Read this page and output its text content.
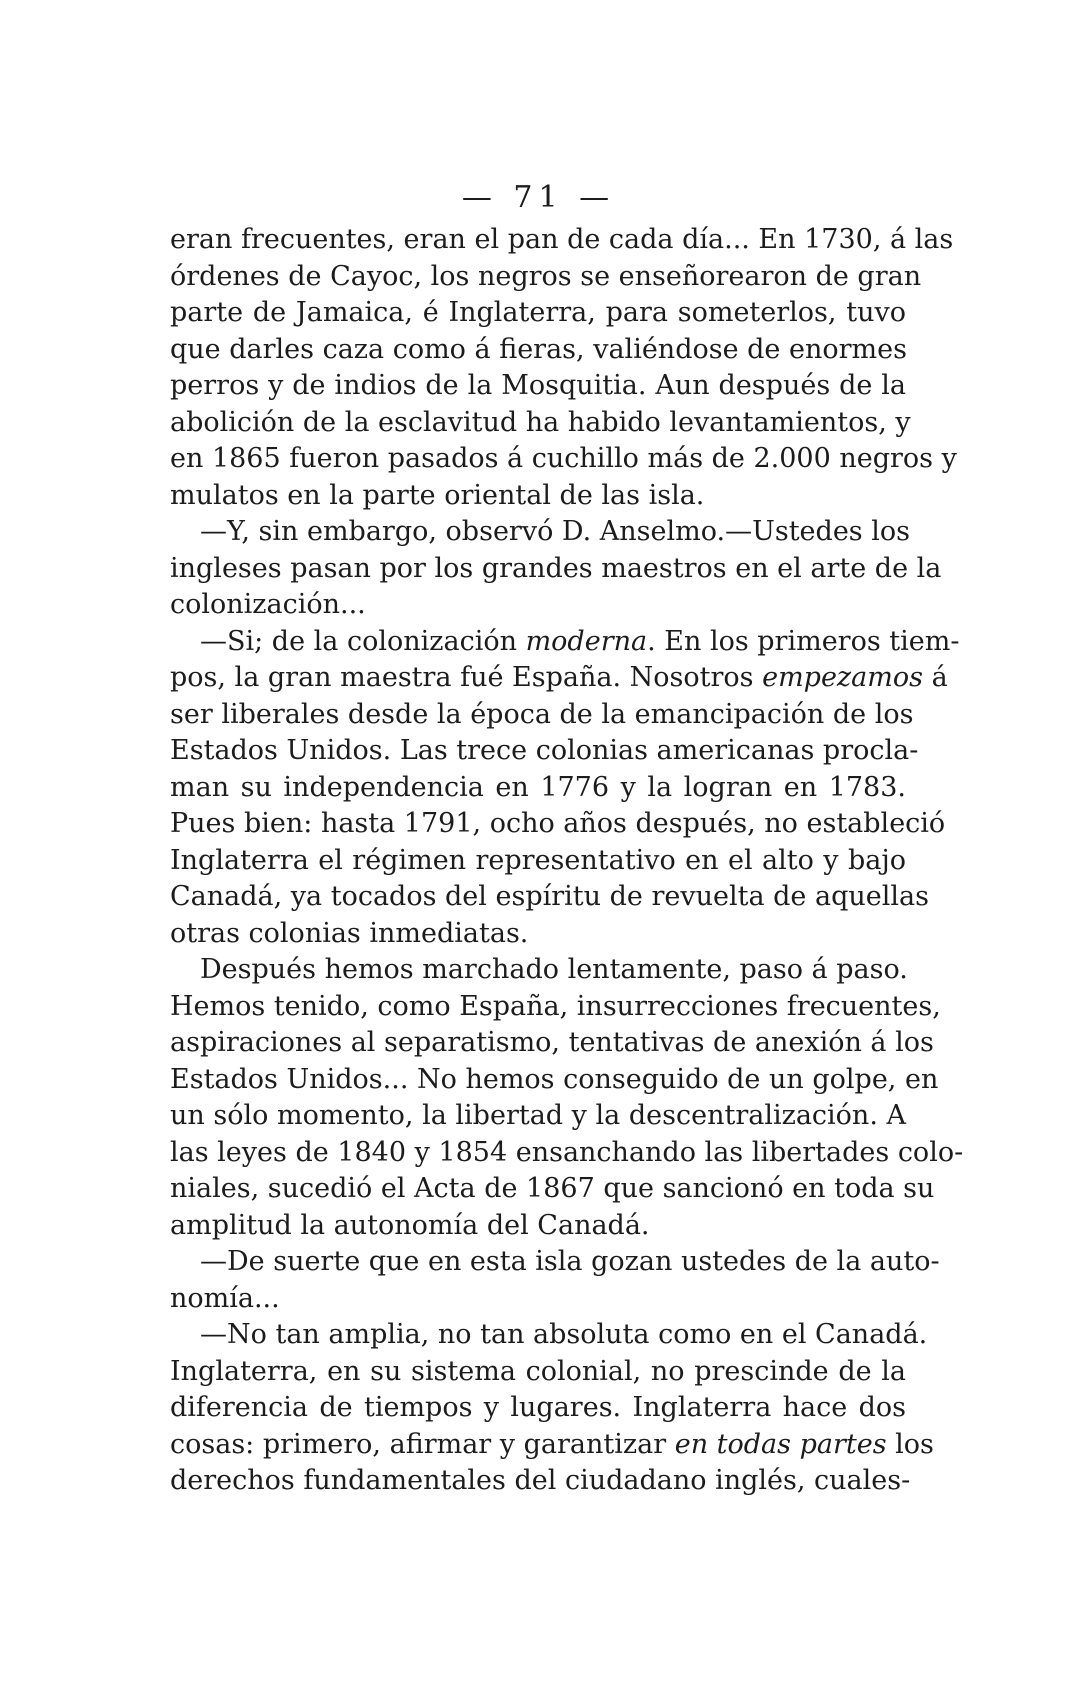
— 71 —
eran frecuentes, eran el pan de cada día... En 1730, á las
órdenes de Cayoc, los negros se enseñorearon de gran
parte de Jamaica, é Inglaterra, para someterlos, tuvo
que darles caza como á fieras, valiéndose de enormes
perros y de indios de la Mosquitia. Aun después de la
abolición de la esclavitud ha habido levantamientos, y
en 1865 fueron pasados á cuchillo más de 2.000 negros y
mulatos en la parte oriental de las isla.
—Y, sin embargo, observó D. Anselmo.—Ustedes los
ingleses pasan por los grandes maestros en el arte de la
colonización...
—Si; de la colonización moderna. En los primeros tiem-
pos, la gran maestra fué España. Nosotros empezamos á
ser liberales desde la época de la emancipación de los
Estados Unidos. Las trece colonias americanas procla-
man su independencia en 1776 y la logran en 1783.
Pues bien: hasta 1791, ocho años después, no estableció
Inglaterra el régimen representativo en el alto y bajo
Canadá, ya tocados del espíritu de revuelta de aquellas
otras colonias inmediatas.
Después hemos marchado lentamente, paso á paso.
Hemos tenido, como España, insurrecciones frecuentes,
aspiraciones al separatismo, tentativas de anexión á los
Estados Unidos... No hemos conseguido de un golpe, en
un sólo momento, la libertad y la descentralización. A
las leyes de 1840 y 1854 ensanchando las libertades colo-
niales, sucedió el Acta de 1867 que sancionó en toda su
amplitud la autonomía del Canadá.
—De suerte que en esta isla gozan ustedes de la auto-
nomía...
—No tan amplia, no tan absoluta como en el Canadá.
Inglaterra, en su sistema colonial, no prescinde de la
diferencia de tiempos y lugares. Inglaterra hace dos
cosas: primero, afirmar y garantizar en todas partes los
derechos fundamentales del ciudadano inglés, cuales-
